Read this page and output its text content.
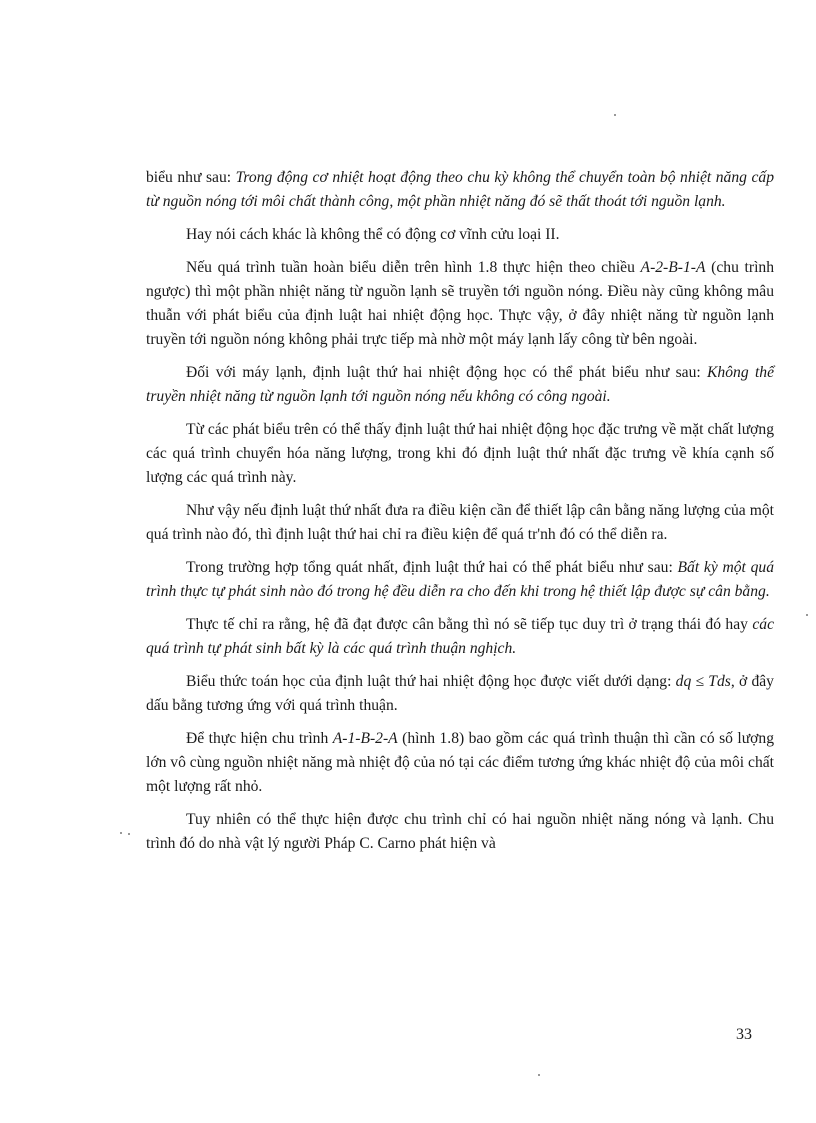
biểu như sau: Trong động cơ nhiệt hoạt động theo chu kỳ không thể chuyển toàn bộ nhiệt năng cấp từ nguồn nóng tới môi chất thành công, một phần nhiệt năng đó sẽ thất thoát tới nguồn lạnh.

Hay nói cách khác là không thể có động cơ vĩnh cửu loại II.

Nếu quá trình tuần hoàn biểu diễn trên hình 1.8 thực hiện theo chiều A-2-B-1-A (chu trình ngược) thì một phần nhiệt năng từ nguồn lạnh sẽ truyền tới nguồn nóng. Điều này cũng không mâu thuẫn với phát biểu của định luật hai nhiệt động học. Thực vậy, ở đây nhiệt năng từ nguồn lạnh truyền tới nguồn nóng không phải trực tiếp mà nhờ một máy lạnh lấy công từ bên ngoài.

Đối với máy lạnh, định luật thứ hai nhiệt động học có thể phát biểu như sau: Không thể truyền nhiệt năng từ nguồn lạnh tới nguồn nóng nếu không có công ngoài.

Từ các phát biểu trên có thể thấy định luật thứ hai nhiệt động học đặc trưng về mặt chất lượng các quá trình chuyển hóa năng lượng, trong khi đó định luật thứ nhất đặc trưng về khía cạnh số lượng các quá trình này.

Như vậy nếu định luật thứ nhất đưa ra điều kiện cần để thiết lập cân bằng năng lượng của một quá trình nào đó, thì định luật thứ hai chỉ ra điều kiện để quá tr'nh đó có thể diễn ra.

Trong trường hợp tổng quát nhất, định luật thứ hai có thể phát biểu như sau: Bất kỳ một quá trình thực tự phát sinh nào đó trong hệ đều diễn ra cho đến khi trong hệ thiết lập được sự cân bằng.

Thực tế chỉ ra rằng, hệ đã đạt được cân bằng thì nó sẽ tiếp tục duy trì ở trạng thái đó hay các quá trình tự phát sinh bất kỳ là các quá trình thuận nghịch.

Biểu thức toán học của định luật thứ hai nhiệt động học được viết dưới dạng: dq ≤ Tds, ở đây dấu bằng tương ứng với quá trình thuận.

Để thực hiện chu trình A-1-B-2-A (hình 1.8) bao gồm các quá trình thuận thì cần có số lượng lớn vô cùng nguồn nhiệt năng mà nhiệt độ của nó tại các điểm tương ứng khác nhiệt độ của môi chất một lượng rất nhỏ.

Tuy nhiên có thể thực hiện được chu trình chỉ có hai nguồn nhiệt năng nóng và lạnh. Chu trình đó do nhà vật lý người Pháp C. Carno phát hiện và

33
